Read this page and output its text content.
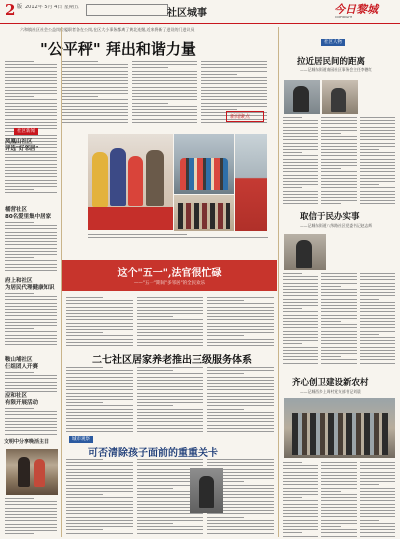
2 版 2012年 5月 4日 星期五
社区城事	今日黎城
COPYRIGHT
六和镇社区社会公益岗位履职者各在公岗,在区大小事务都离了黄北连继,近来将新了进设的门进议员
"公平秤" 拜出和谐力量
社区新闻
凤凰山社区
评选"好邻居"
桶营社区
80名爱里集中居家
府上和社区
为居民代理健康知识
鞍山埔社区
仨组团人开赛
应和社区
有限开展活动
文明中分享晚活主日
新闻聚点
这个"五一",法官很忙碌
——"五一"期间"多邻居"的全民欢乐
二七社区居家养老推出三级服务体系
城市观察
可否清除孩子面前的重重关卡
社区人物
拉近居民间的距离
——记城东街道南园社区事务会主任李德红
取信于民办实事
——记城东街道八纬路社区党委书记赵志辉
齐心创卫建设新农村
——记城西乡上周村党支部书记刘晨
